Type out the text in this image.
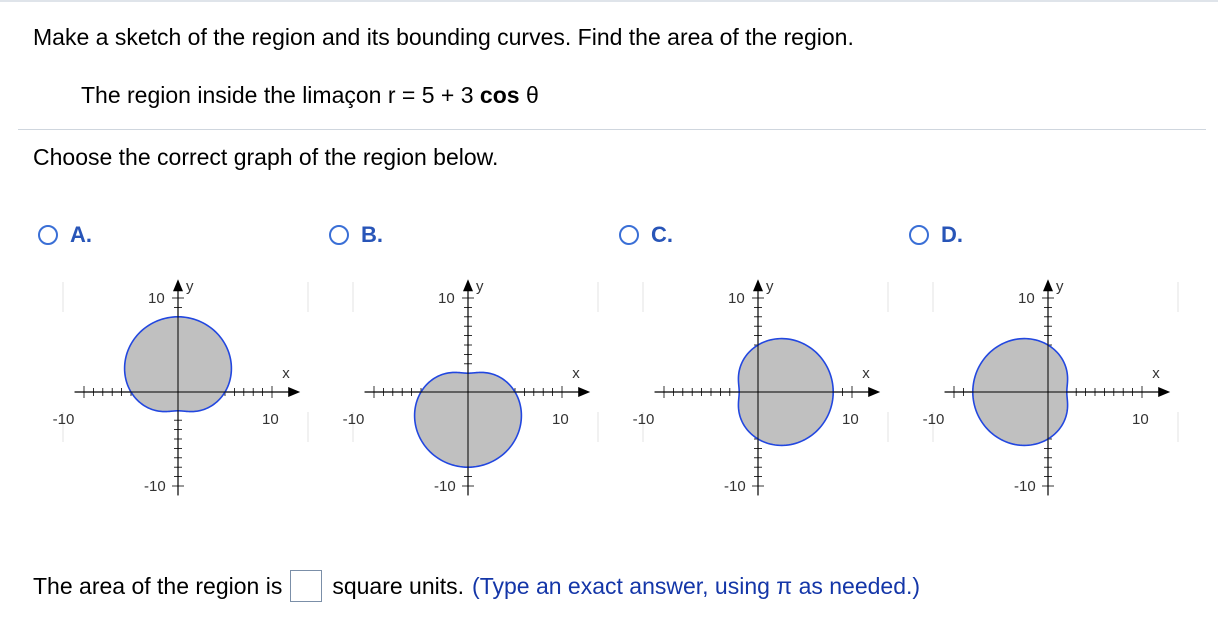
Make a sketch of the region and its bounding curves. Find the area of the region.
The region inside the limaçon r = 5 + 3 cos θ
Choose the correct graph of the region below.
A.	B.	C.	D.
-10	10
10
-10
y
x
-10	10
10
-10
y
x
-10	10
10
-10
y
x
-10	10
10
-10
y
x
The area of the region is square units. (Type an exact answer, using π as needed.)
